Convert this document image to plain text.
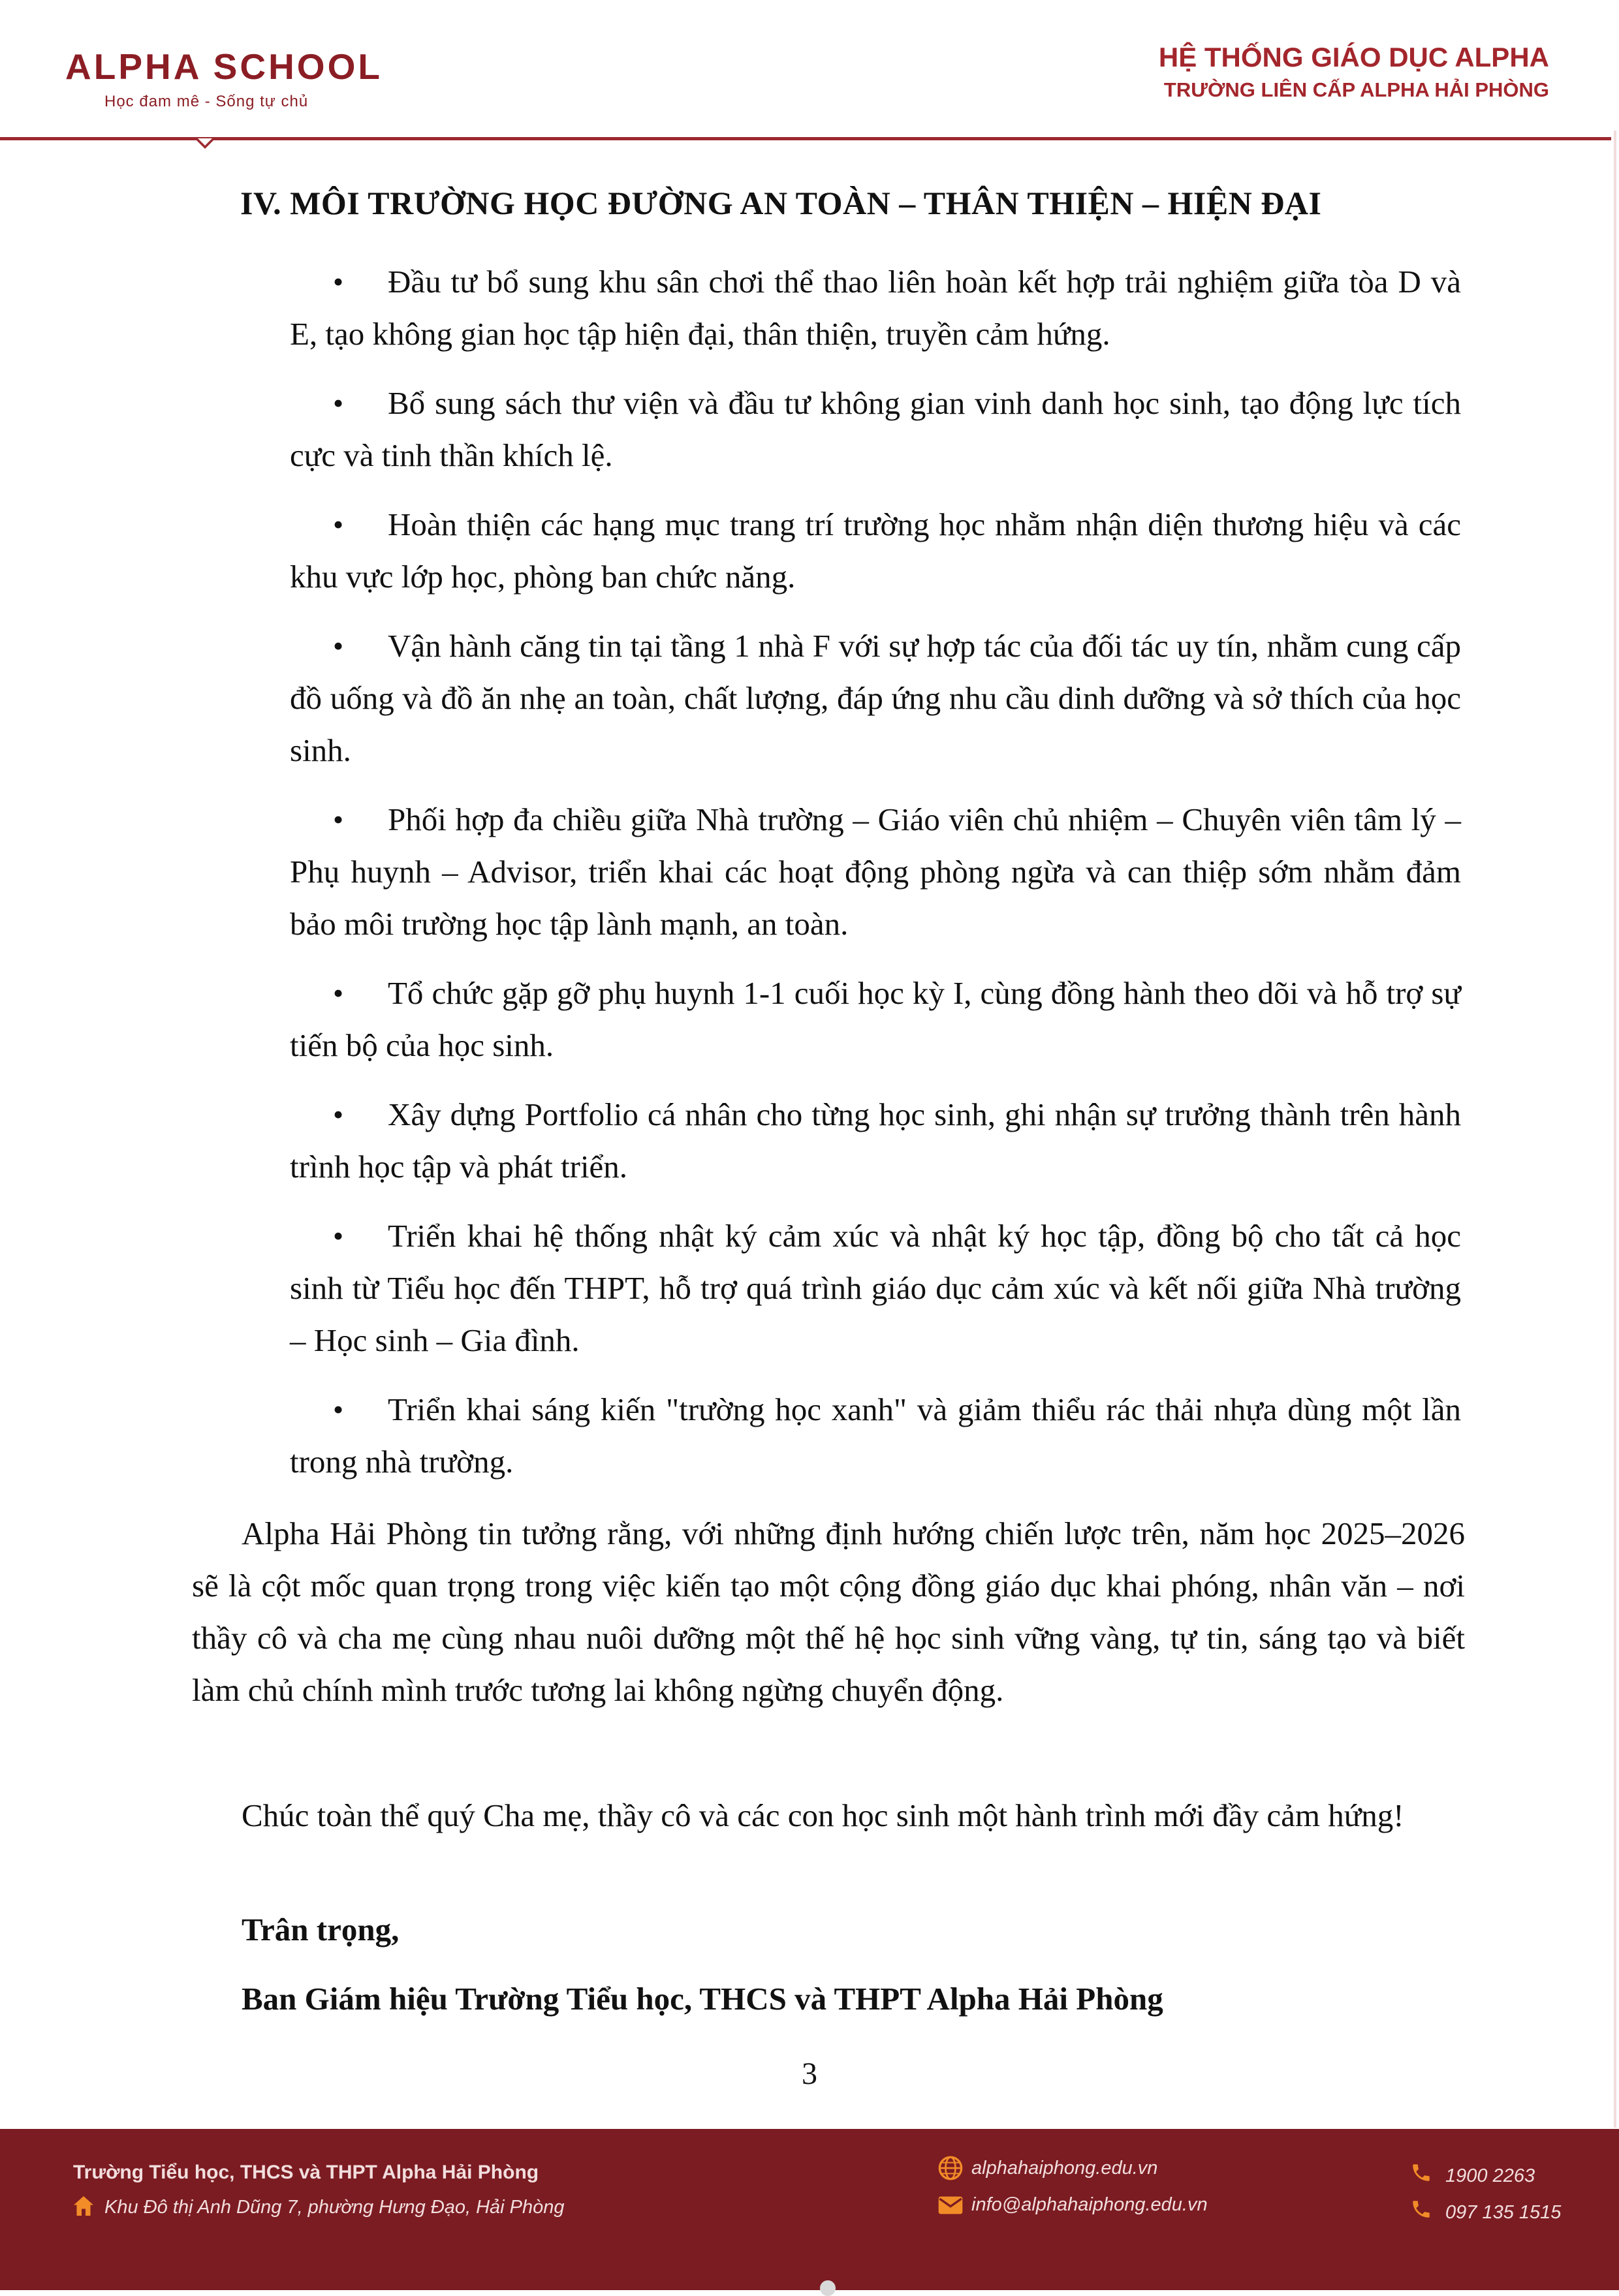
ALPHA SCHOOL
Học đam mê - Sống tự chủ
HỆ THỐNG GIÁO DỤC ALPHA
TRƯỜNG LIÊN CẤP ALPHA HẢI PHÒNG
IV. MÔI TRƯỜNG HỌC ĐƯỜNG AN TOÀN – THÂN THIỆN – HIỆN ĐẠI
• Đầu tư bổ sung khu sân chơi thể thao liên hoàn kết hợp trải nghiệm giữa tòa D và E, tạo không gian học tập hiện đại, thân thiện, truyền cảm hứng.
• Bổ sung sách thư viện và đầu tư không gian vinh danh học sinh, tạo động lực tích cực và tinh thần khích lệ.
• Hoàn thiện các hạng mục trang trí trường học nhằm nhận diện thương hiệu và các khu vực lớp học, phòng ban chức năng.
• Vận hành căng tin tại tầng 1 nhà F với sự hợp tác của đối tác uy tín, nhằm cung cấp đồ uống và đồ ăn nhẹ an toàn, chất lượng, đáp ứng nhu cầu dinh dưỡng và sở thích của học sinh.
• Phối hợp đa chiều giữa Nhà trường – Giáo viên chủ nhiệm – Chuyên viên tâm lý – Phụ huynh – Advisor, triển khai các hoạt động phòng ngừa và can thiệp sớm nhằm đảm bảo môi trường học tập lành mạnh, an toàn.
• Tổ chức gặp gỡ phụ huynh 1-1 cuối học kỳ I, cùng đồng hành theo dõi và hỗ trợ sự tiến bộ của học sinh.
• Xây dựng Portfolio cá nhân cho từng học sinh, ghi nhận sự trưởng thành trên hành trình học tập và phát triển.
• Triển khai hệ thống nhật ký cảm xúc và nhật ký học tập, đồng bộ cho tất cả học sinh từ Tiểu học đến THPT, hỗ trợ quá trình giáo dục cảm xúc và kết nối giữa Nhà trường – Học sinh – Gia đình.
• Triển khai sáng kiến "trường học xanh" và giảm thiểu rác thải nhựa dùng một lần trong nhà trường.

Alpha Hải Phòng tin tưởng rằng, với những định hướng chiến lược trên, năm học 2025–2026 sẽ là cột mốc quan trọng trong việc kiến tạo một cộng đồng giáo dục khai phóng, nhân văn – nơi thầy cô và cha mẹ cùng nhau nuôi dưỡng một thế hệ học sinh vững vàng, tự tin, sáng tạo và biết làm chủ chính mình trước tương lai không ngừng chuyển động.

Chúc toàn thể quý Cha mẹ, thầy cô và các con học sinh một hành trình mới đầy cảm hứng!

Trân trọng,
Ban Giám hiệu Trường Tiểu học, THCS và THPT Alpha Hải Phòng
3
Trường Tiểu học, THCS và THPT Alpha Hải Phòng
Khu Đô thị Anh Dũng 7, phường Hưng Đạo, Hải Phòng
alphahaiphong.edu.vn
info@alphahaiphong.edu.vn
1900 2263
097 135 1515
